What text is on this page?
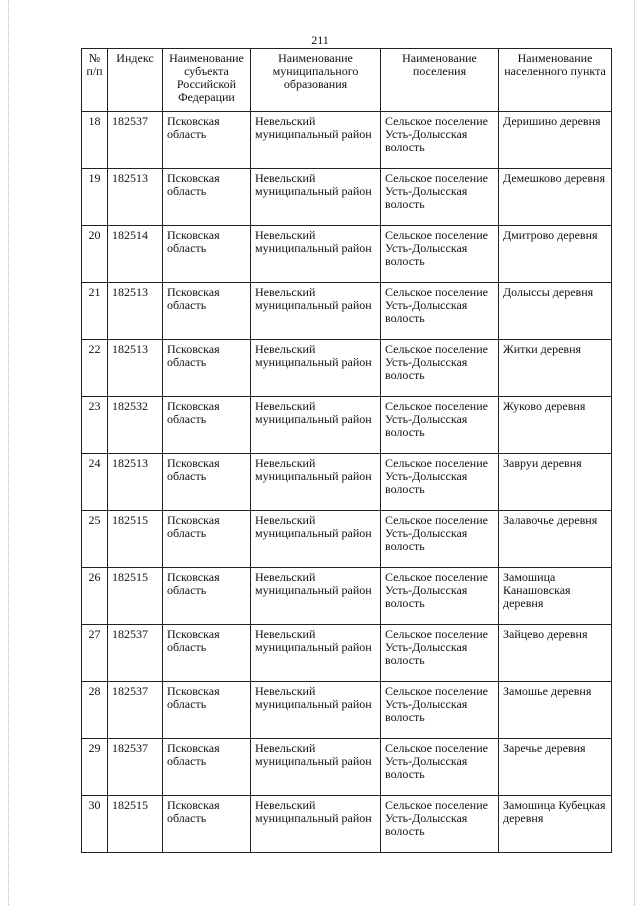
211
№ п/п	Индекс	Наименование субъекта Российской Федерации	Наименование муниципального образования	Наименование поселения	Наименование населенного пункта
18	182537	Псковская область	Невельский муниципальный район	Сельское поселение Усть-Долысская волость	Деришино деревня
19	182513	Псковская область	Невельский муниципальный район	Сельское поселение Усть-Долысская волость	Демешково деревня
20	182514	Псковская область	Невельский муниципальный район	Сельское поселение Усть-Долысская волость	Дмитрово деревня
21	182513	Псковская область	Невельский муниципальный район	Сельское поселение Усть-Долысская волость	Долыссы деревня
22	182513	Псковская область	Невельский муниципальный район	Сельское поселение Усть-Долысская волость	Житки деревня
23	182532	Псковская область	Невельский муниципальный район	Сельское поселение Усть-Долысская волость	Жуково деревня
24	182513	Псковская область	Невельский муниципальный район	Сельское поселение Усть-Долысская волость	Завруи деревня
25	182515	Псковская область	Невельский муниципальный район	Сельское поселение Усть-Долысская волость	Залавочье деревня
26	182515	Псковская область	Невельский муниципальный район	Сельское поселение Усть-Долысская волость	Замошица Канашовская деревня
27	182537	Псковская область	Невельский муниципальный район	Сельское поселение Усть-Долысская волость	Зайцево деревня
28	182537	Псковская область	Невельский муниципальный район	Сельское поселение Усть-Долысская волость	Замошье деревня
29	182537	Псковская область	Невельский муниципальный район	Сельское поселение Усть-Долысская волость	Заречье деревня
30	182515	Псковская область	Невельский муниципальный район	Сельское поселение Усть-Долысская волость	Замошица Кубецкая деревня
